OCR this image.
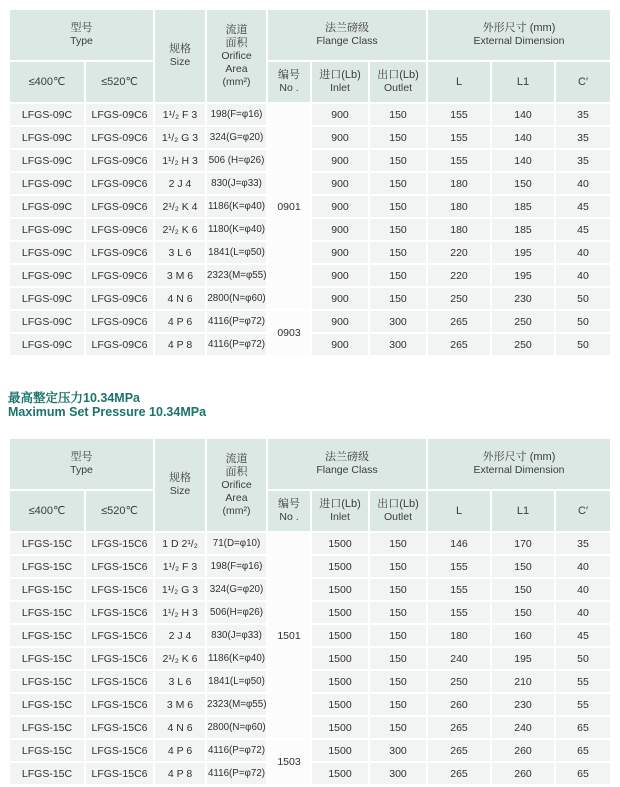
型号
Type

规格
Size

流道
面积
Orifice
Area
(mm²)

法兰磅级
Flange Class

外形尺寸 (mm)
External Dimension

≤400℃	≤520℃

编号
No .

进口(Lb)
Inlet

出口(Lb)
Outlet

L	L1	C′

LFGS-09C	LFGS-09C6	1¹/₂ F 3	198(F=φ16)	0901	900	150	155	140	35
LFGS-09C	LFGS-09C6	1¹/₂ G 3	324(G=φ20)		900	150	155	140	35
LFGS-09C	LFGS-09C6	1¹/₂ H 3	506 (H=φ26)		900	150	155	140	35
LFGS-09C	LFGS-09C6	2 J 4	830(J=φ33)		900	150	180	150	40
LFGS-09C	LFGS-09C6	2¹/₂ K 4	1186(K=φ40)		900	150	180	185	45
LFGS-09C	LFGS-09C6	2¹/₂ K 6	1180(K=φ40)		900	150	180	185	45
LFGS-09C	LFGS-09C6	3 L 6	1841(L=φ50)		900	150	220	195	40
LFGS-09C	LFGS-09C6	3 M 6	2323(M=φ55)		900	150	220	195	40
LFGS-09C	LFGS-09C6	4 N 6	2800(N=φ60)		900	150	250	230	50
LFGS-09C	LFGS-09C6	4 P 6	4116(P=φ72)	0903	900	300	265	250	50
LFGS-09C	LFGS-09C6	4 P 8	4116(P=φ72)		900	300	265	250	50
最高整定压力10.34MPa
Maximum Set Pressure 10.34MPa
型号
Type

规格
Size

流道
面积
Orifice
Area
(mm²)

法兰磅级
Flange Class

外形尺寸 (mm)
External Dimension

≤400℃	≤520℃

编号
No .

进口(Lb)
Inlet

出口(Lb)
Outlet

L	L1	C′

LFGS-15C	LFGS-15C6	1 D 2¹/₂	71(D=φ10)	1501	1500	150	146	170	35
LFGS-15C	LFGS-15C6	1¹/₂ F 3	198(F=φ16)		1500	150	155	150	40
LFGS-15C	LFGS-15C6	1¹/₂ G 3	324(G=φ20)		1500	150	155	150	40
LFGS-15C	LFGS-15C6	1¹/₂ H 3	506(H=φ26)		1500	150	155	150	40
LFGS-15C	LFGS-15C6	2 J 4	830(J=φ33)		1500	150	180	160	45
LFGS-15C	LFGS-15C6	2¹/₂ K 6	1186(K=φ40)		1500	150	240	195	50
LFGS-15C	LFGS-15C6	3 L 6	1841(L=φ50)		1500	150	250	210	55
LFGS-15C	LFGS-15C6	3 M 6	2323(M=φ55)		1500	150	260	230	55
LFGS-15C	LFGS-15C6	4 N 6	2800(N=φ60)		1500	150	265	240	65
LFGS-15C	LFGS-15C6	4 P 6	4116(P=φ72)	1503	1500	300	265	260	65
LFGS-15C	LFGS-15C6	4 P 8	4116(P=φ72)		1500	300	265	260	65
